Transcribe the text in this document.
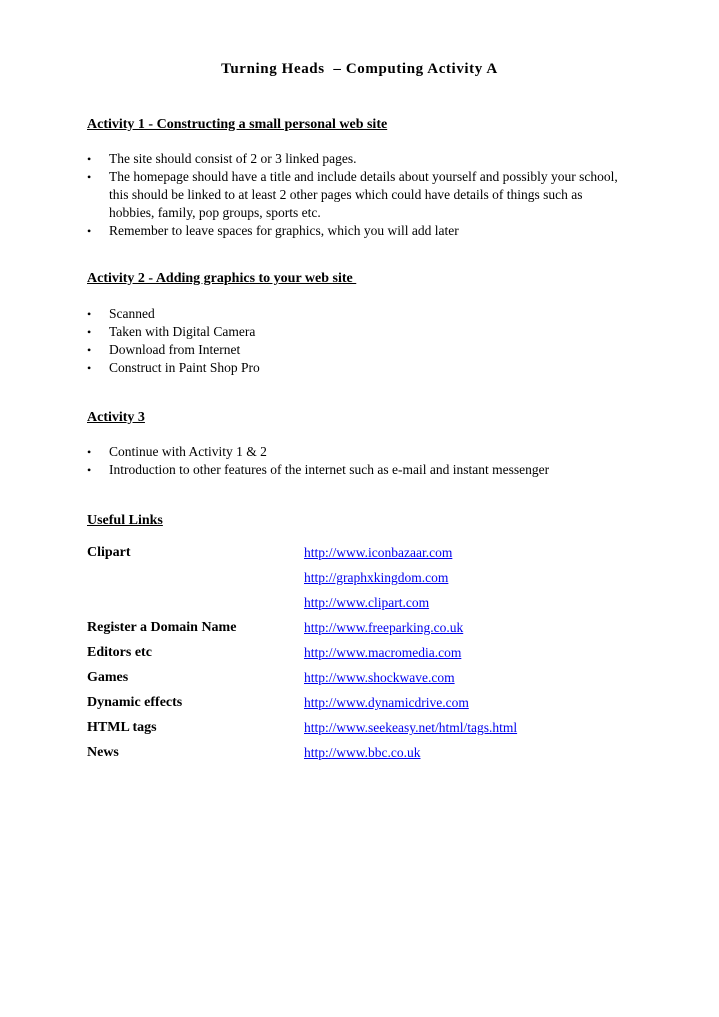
Turning Heads  – Computing Activity A
Activity 1 - Constructing a small personal web site
• The site should consist of 2 or 3 linked pages.
• The homepage should have a title and include details about yourself and possibly your school, this should be linked to at least 2 other pages which could have details of things such as hobbies, family, pop groups, sports etc.
• Remember to leave spaces for graphics, which you will add later
Activity 2 - Adding graphics to your web site
• Scanned
• Taken with Digital Camera
• Download from Internet
• Construct in Paint Shop Pro
Activity 3
• Continue with Activity 1 & 2
• Introduction to other features of the internet such as e-mail and instant messenger
Useful Links
Clipart	http://www.iconbazaar.com
http://graphxkingdom.com
http://www.clipart.com
Register a Domain Name	http://www.freeparking.co.uk
Editors etc	http://www.macromedia.com
Games	http://www.shockwave.com
Dynamic effects	http://www.dynamicdrive.com
HTML tags	http://www.seekeasy.net/html/tags.html
News	http://www.bbc.co.uk
